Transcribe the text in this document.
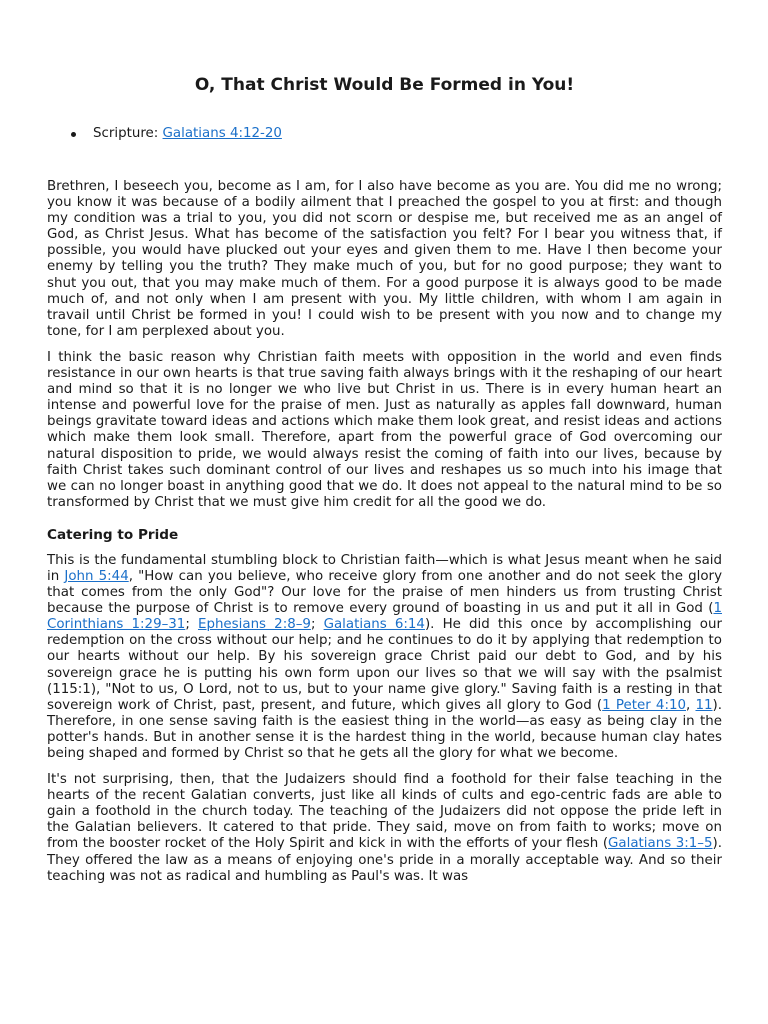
O, That Christ Would Be Formed in You!
Scripture: Galatians 4:12-20

Brethren, I beseech you, become as I am, for I also have become as you are. You did me no wrong; you know it was because of a bodily ailment that I preached the gospel to you at first: and though my condition was a trial to you, you did not scorn or despise me, but received me as an angel of God, as Christ Jesus. What has become of the satisfaction you felt? For I bear you witness that, if possible, you would have plucked out your eyes and given them to me. Have I then become your enemy by telling you the truth? They make much of you, but for no good purpose; they want to shut you out, that you may make much of them. For a good purpose it is always good to be made much of, and not only when I am present with you. My little children, with whom I am again in travail until Christ be formed in you! I could wish to be present with you now and to change my tone, for I am perplexed about you.

I think the basic reason why Christian faith meets with opposition in the world and even finds resistance in our own hearts is that true saving faith always brings with it the reshaping of our heart and mind so that it is no longer we who live but Christ in us. There is in every human heart an intense and powerful love for the praise of men. Just as naturally as apples fall downward, human beings gravitate toward ideas and actions which make them look great, and resist ideas and actions which make them look small. Therefore, apart from the powerful grace of God overcoming our natural disposition to pride, we would always resist the coming of faith into our lives, because by faith Christ takes such dominant control of our lives and reshapes us so much into his image that we can no longer boast in anything good that we do. It does not appeal to the natural mind to be so transformed by Christ that we must give him credit for all the good we do.

Catering to Pride

This is the fundamental stumbling block to Christian faith—which is what Jesus meant when he said in John 5:44, "How can you believe, who receive glory from one another and do not seek the glory that comes from the only God"? Our love for the praise of men hinders us from trusting Christ because the purpose of Christ is to remove every ground of boasting in us and put it all in God (1 Corinthians 1:29–31; Ephesians 2:8–9; Galatians 6:14). He did this once by accomplishing our redemption on the cross without our help; and he continues to do it by applying that redemption to our hearts without our help. By his sovereign grace Christ paid our debt to God, and by his sovereign grace he is putting his own form upon our lives so that we will say with the psalmist (115:1), "Not to us, O Lord, not to us, but to your name give glory." Saving faith is a resting in that sovereign work of Christ, past, present, and future, which gives all glory to God (1 Peter 4:10, 11). Therefore, in one sense saving faith is the easiest thing in the world—as easy as being clay in the potter's hands. But in another sense it is the hardest thing in the world, because human clay hates being shaped and formed by Christ so that he gets all the glory for what we become.

It's not surprising, then, that the Judaizers should find a foothold for their false teaching in the hearts of the recent Galatian converts, just like all kinds of cults and ego-centric fads are able to gain a foothold in the church today. The teaching of the Judaizers did not oppose the pride left in the Galatian believers. It catered to that pride. They said, move on from faith to works; move on from the booster rocket of the Holy Spirit and kick in with the efforts of your flesh (Galatians 3:1–5). They offered the law as a means of enjoying one's pride in a morally acceptable way. And so their teaching was not as radical and humbling as Paul's was. It was
